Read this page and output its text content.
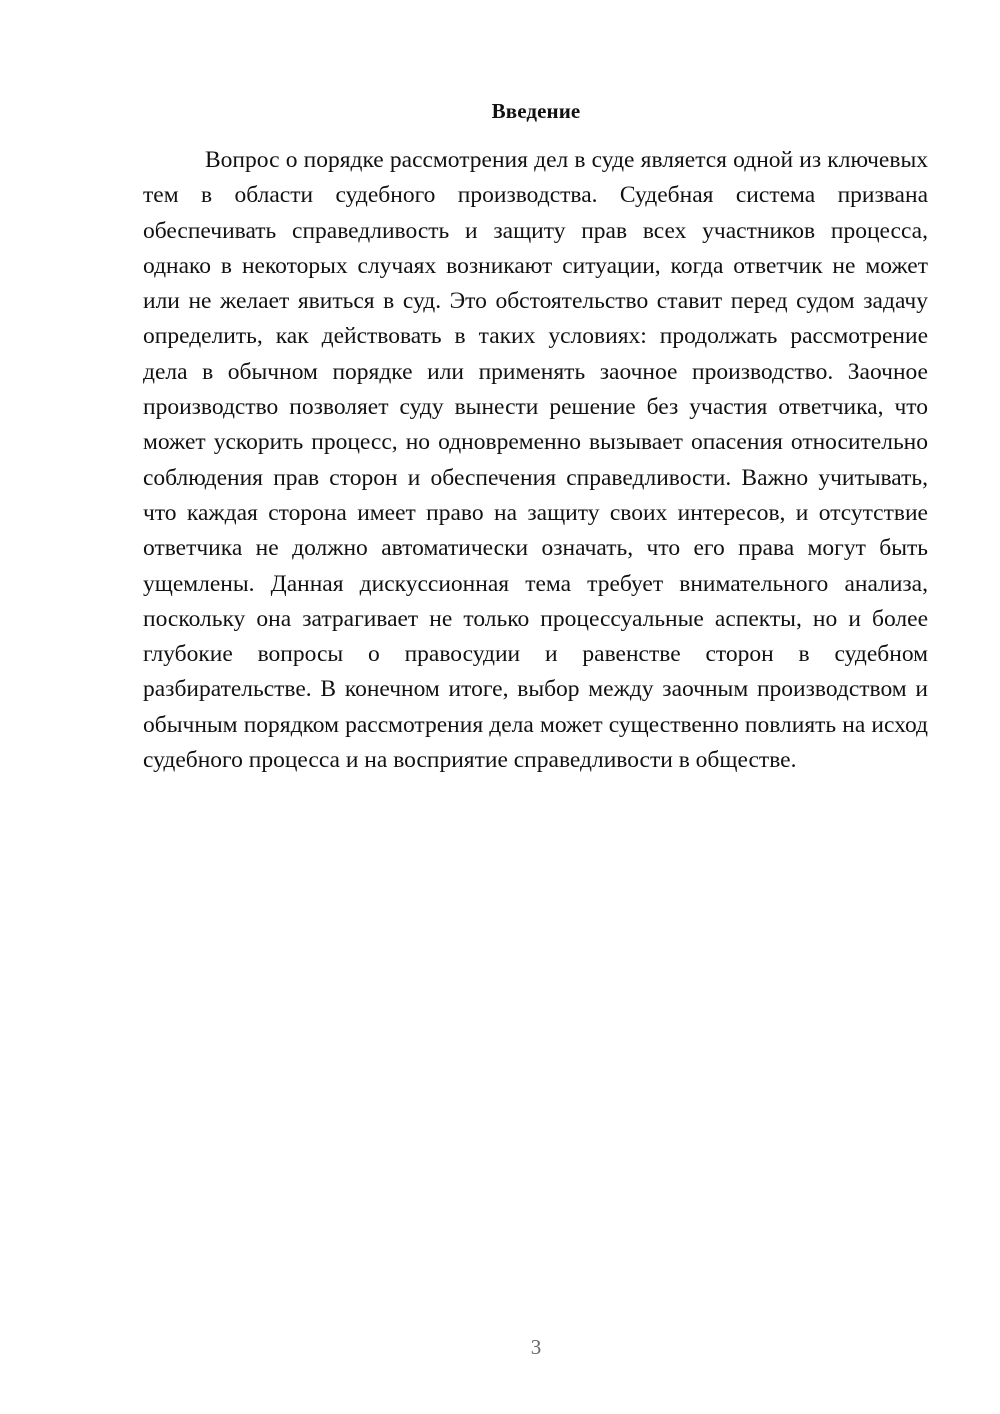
Введение

Вопрос о порядке рассмотрения дел в суде является одной из ключевых тем в области судебного производства. Судебная система призвана обеспечивать справедливость и защиту прав всех участников процесса, однако в некоторых случаях возникают ситуации, когда ответчик не может или не желает явиться в суд. Это обстоятельство ставит перед судом задачу определить, как действовать в таких условиях: продолжать рассмотрение дела в обычном порядке или применять заочное производство. Заочное производство позволяет суду вынести решение без участия ответчика, что может ускорить процесс, но одновременно вызывает опасения относительно соблюдения прав сторон и обеспечения справедливости. Важно учитывать, что каждая сторона имеет право на защиту своих интересов, и отсутствие ответчика не должно автоматически означать, что его права могут быть ущемлены. Данная дискуссионная тема требует внимательного анализа, поскольку она затрагивает не только процессуальные аспекты, но и более глубокие вопросы о правосудии и равенстве сторон в судебном разбирательстве. В конечном итоге, выбор между заочным производством и обычным порядком рассмотрения дела может существенно повлиять на исход судебного процесса и на восприятие справедливости в обществе.

3
